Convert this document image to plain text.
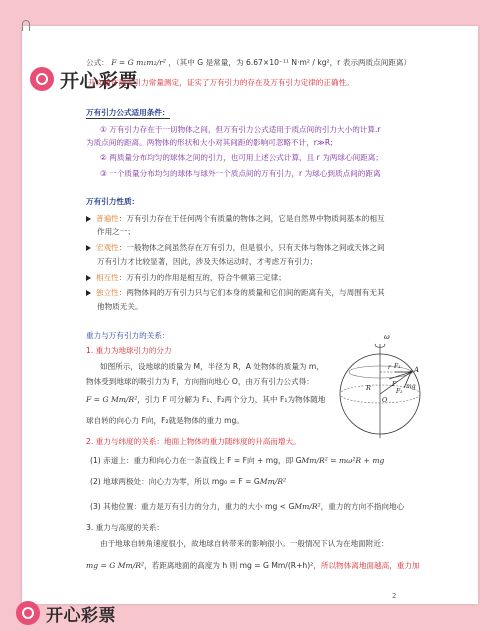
开心彩票
公式： F = G m₁m₂/r² ，（其中 G 是常量，为 6.67×10⁻¹¹ N·m² / kg²，r 表示两质点间距离）
开文迪许测定引力常量测定，证实了万有引力的存在及万有引力定律的正确性。
万有引力公式适用条件：
① 万有引力存在于一切物体之间，但万有引力公式适用于质点间的引力大小的计算.r
为质点间的距离。两物体的形状和大小对其间距的影响可忽略不计，r≫R;
② 两质量分布均匀的球体之间的引力，也可用上述公式计算，且 r 为两球心间距离；
③ 一个质量分布均匀的球体与球外一个质点间的万有引力，r 为球心到质点间的距离
万有引力性质：
普遍性：万有引力存在于任何两个有质量的物体之间，它是自然界中物质间基本的相互
作用之一；
宏观性：一般物体之间虽然存在万有引力，但是很小，只有天体与物体之间或天体之间
万有引力才比较显著，因此，涉及天体运动时，才考虑万有引力；
相互性：万有引力的作用是相互的，符合牛顿第三定律；
独立性：两物体间的万有引力只与它们本身的质量和它们间的距离有关，与周围有无其
他物质无关。
重力与万有引力的关系：
1. 重力为地球引力的分力
如图所示，设地球的质量为 M，半径为 R，A 处物体的质量为 m，
物体受到地球的吸引力为 F，方向指向地心 O，由万有引力公式得：
F = G Mm/R²，引力 F 可分解为 F₁、F₂两个分力，其中 F₁为物体随地
球自转的向心力 F向，F₂就是物体的重力 mg。
2. 重力与纬度的关系：地面上物体的重力随纬度的升高而增大。
(1) 赤道上：重力和向心力在一条直线上 F = F向 + mg，即 GMm/R² = mω²R + mg
(2) 地球两极处：向心力为零，所以 mg₀ = F = GMm/R²
(3) 其他位置：重力是万有引力的分力，重力的大小 mg < GMm/R²，重力的方向不指向地心
3. 重力与高度的关系：
由于地球自转角速度很小，故地球自转带来的影响很小。一般情况下认为在地面附近：
mg = G Mm/R²，若距离地面的高度为 h 则 mg = G Mm/(R+h)²，所以物体离地面越高，重力加
ω
A
F₁
F mg
F₂
r
R
O
开心彩票
2
